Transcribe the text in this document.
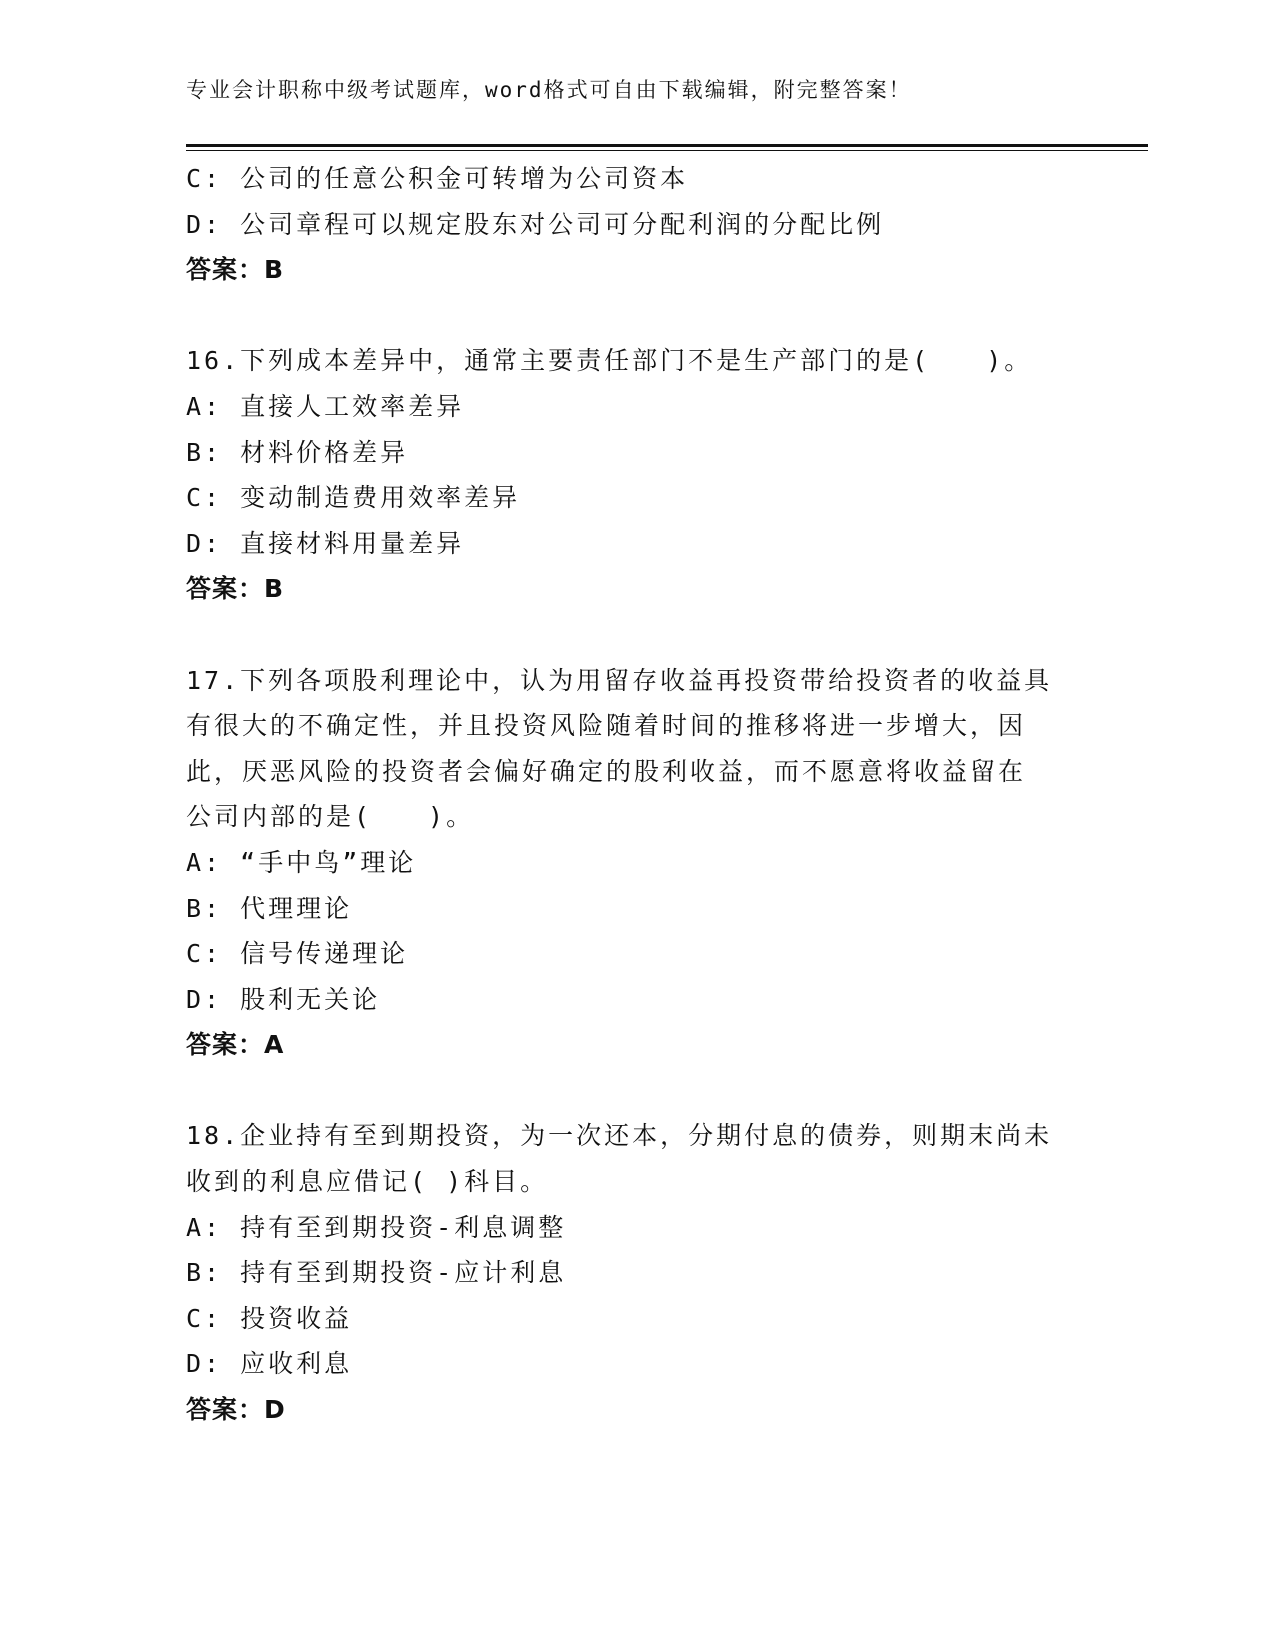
专业会计职称中级考试题库，word格式可自由下载编辑，附完整答案！
C: 公司的任意公积金可转增为公司资本
D: 公司章程可以规定股东对公司可分配利润的分配比例
答案：B
16.下列成本差异中，通常主要责任部门不是生产部门的是(　　)。
A: 直接人工效率差异
B: 材料价格差异
C: 变动制造费用效率差异
D: 直接材料用量差异
答案：B
17.下列各项股利理论中，认为用留存收益再投资带给投资者的收益具
有很大的不确定性，并且投资风险随着时间的推移将进一步增大，因
此，厌恶风险的投资者会偏好确定的股利收益，而不愿意将收益留在
公司内部的是(　　)。
A: “手中鸟”理论
B: 代理理论
C: 信号传递理论
D: 股利无关论
答案：A
18.企业持有至到期投资，为一次还本，分期付息的债券，则期末尚未
收到的利息应借记( )科目。
A: 持有至到期投资-利息调整
B: 持有至到期投资-应计利息
C: 投资收益
D: 应收利息
答案：D
